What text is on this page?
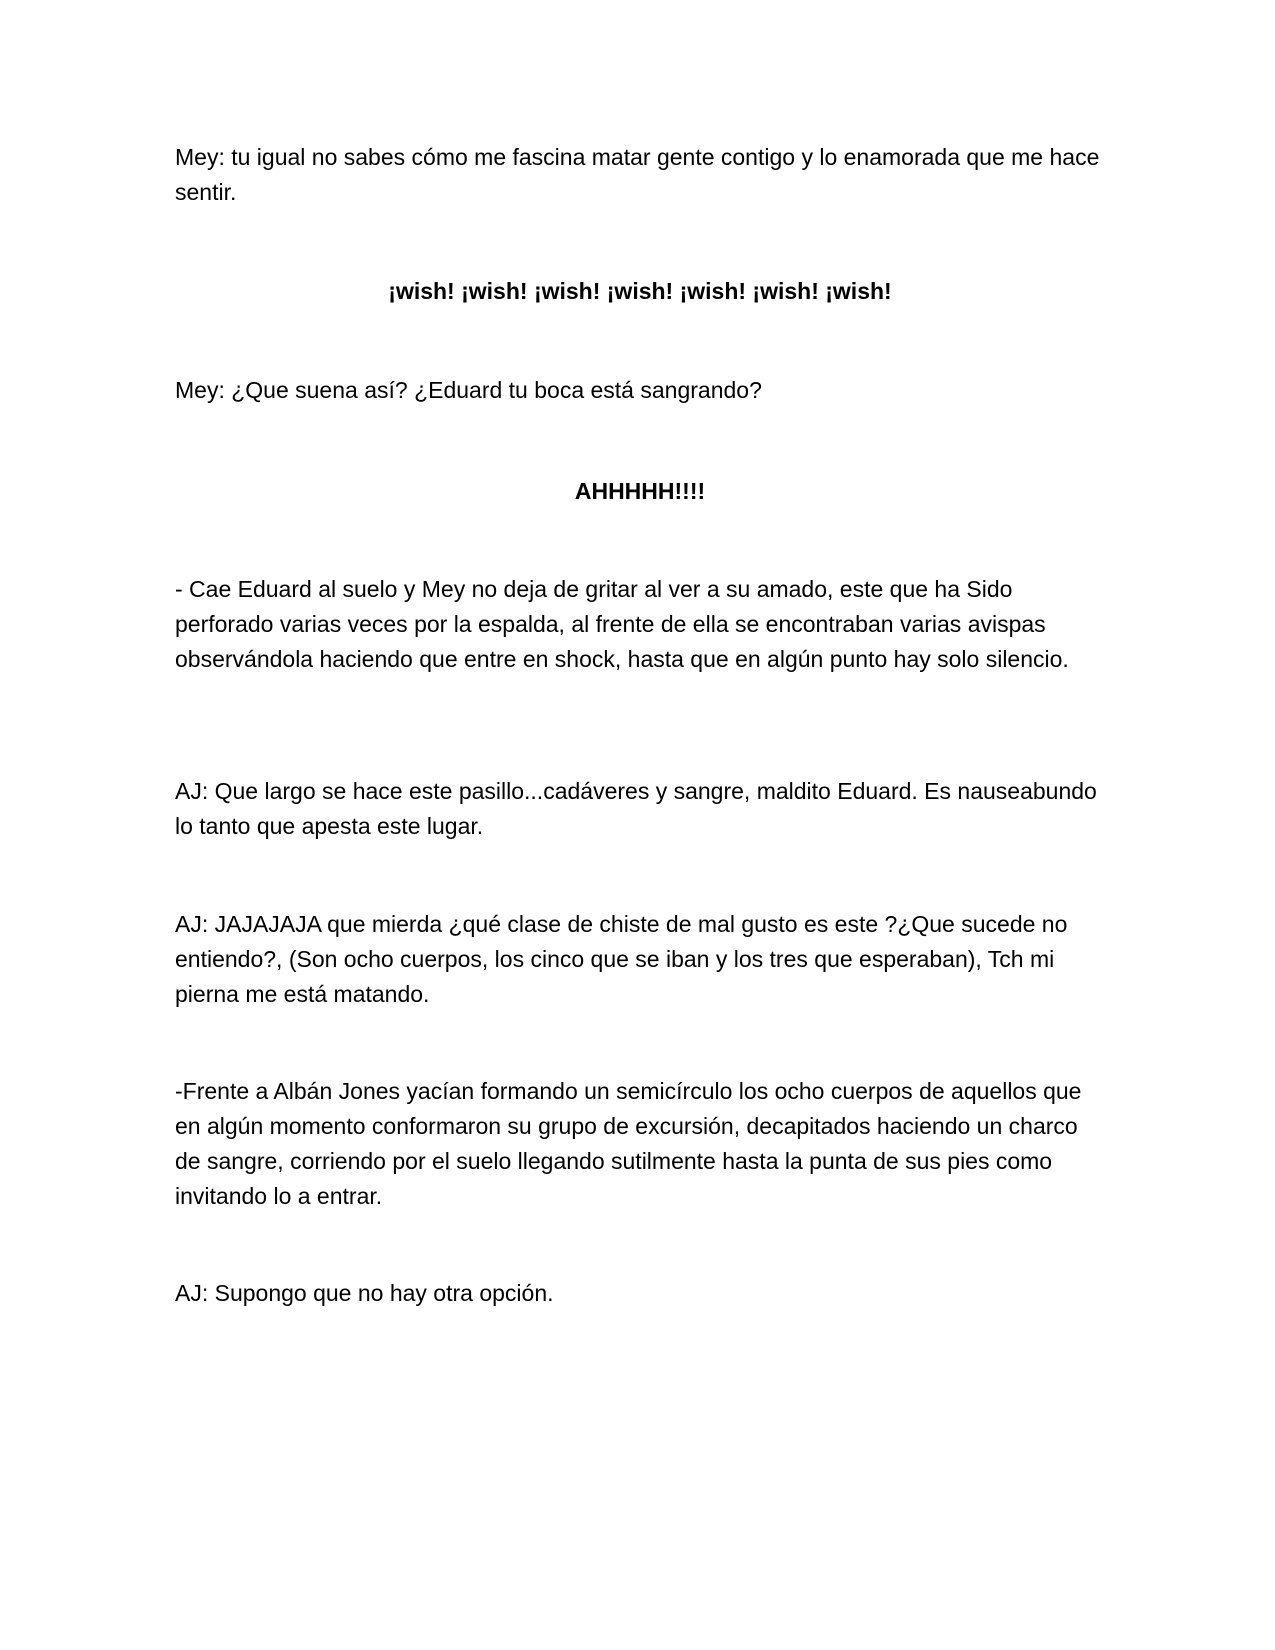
Mey: tu igual no sabes cómo me fascina matar gente contigo y lo enamorada que me hace sentir.

¡wish! ¡wish! ¡wish! ¡wish! ¡wish! ¡wish! ¡wish!

Mey: ¿Que suena así? ¿Eduard tu boca está sangrando?

AHHHHH!!!!

- Cae Eduard al suelo y Mey no deja de gritar al ver a su amado, este que ha Sido perforado varias veces por la espalda, al frente de ella se encontraban varias avispas observándola haciendo que entre en shock, hasta que en algún punto hay solo silencio.

AJ: Que largo se hace este pasillo...cadáveres y sangre, maldito Eduard. Es nauseabundo lo tanto que apesta este lugar.

AJ: JAJAJAJA que mierda ¿qué clase de chiste de mal gusto es este ?¿Que sucede no entiendo?, (Son ocho cuerpos, los cinco que se iban y los tres que esperaban), Tch mi pierna me está matando.

-Frente a Albán Jones yacían formando un semicírculo los ocho cuerpos de aquellos que en algún momento conformaron su grupo de excursión, decapitados haciendo un charco de sangre, corriendo por el suelo llegando sutilmente hasta la punta de sus pies como invitando lo a entrar.

AJ: Supongo que no hay otra opción.
